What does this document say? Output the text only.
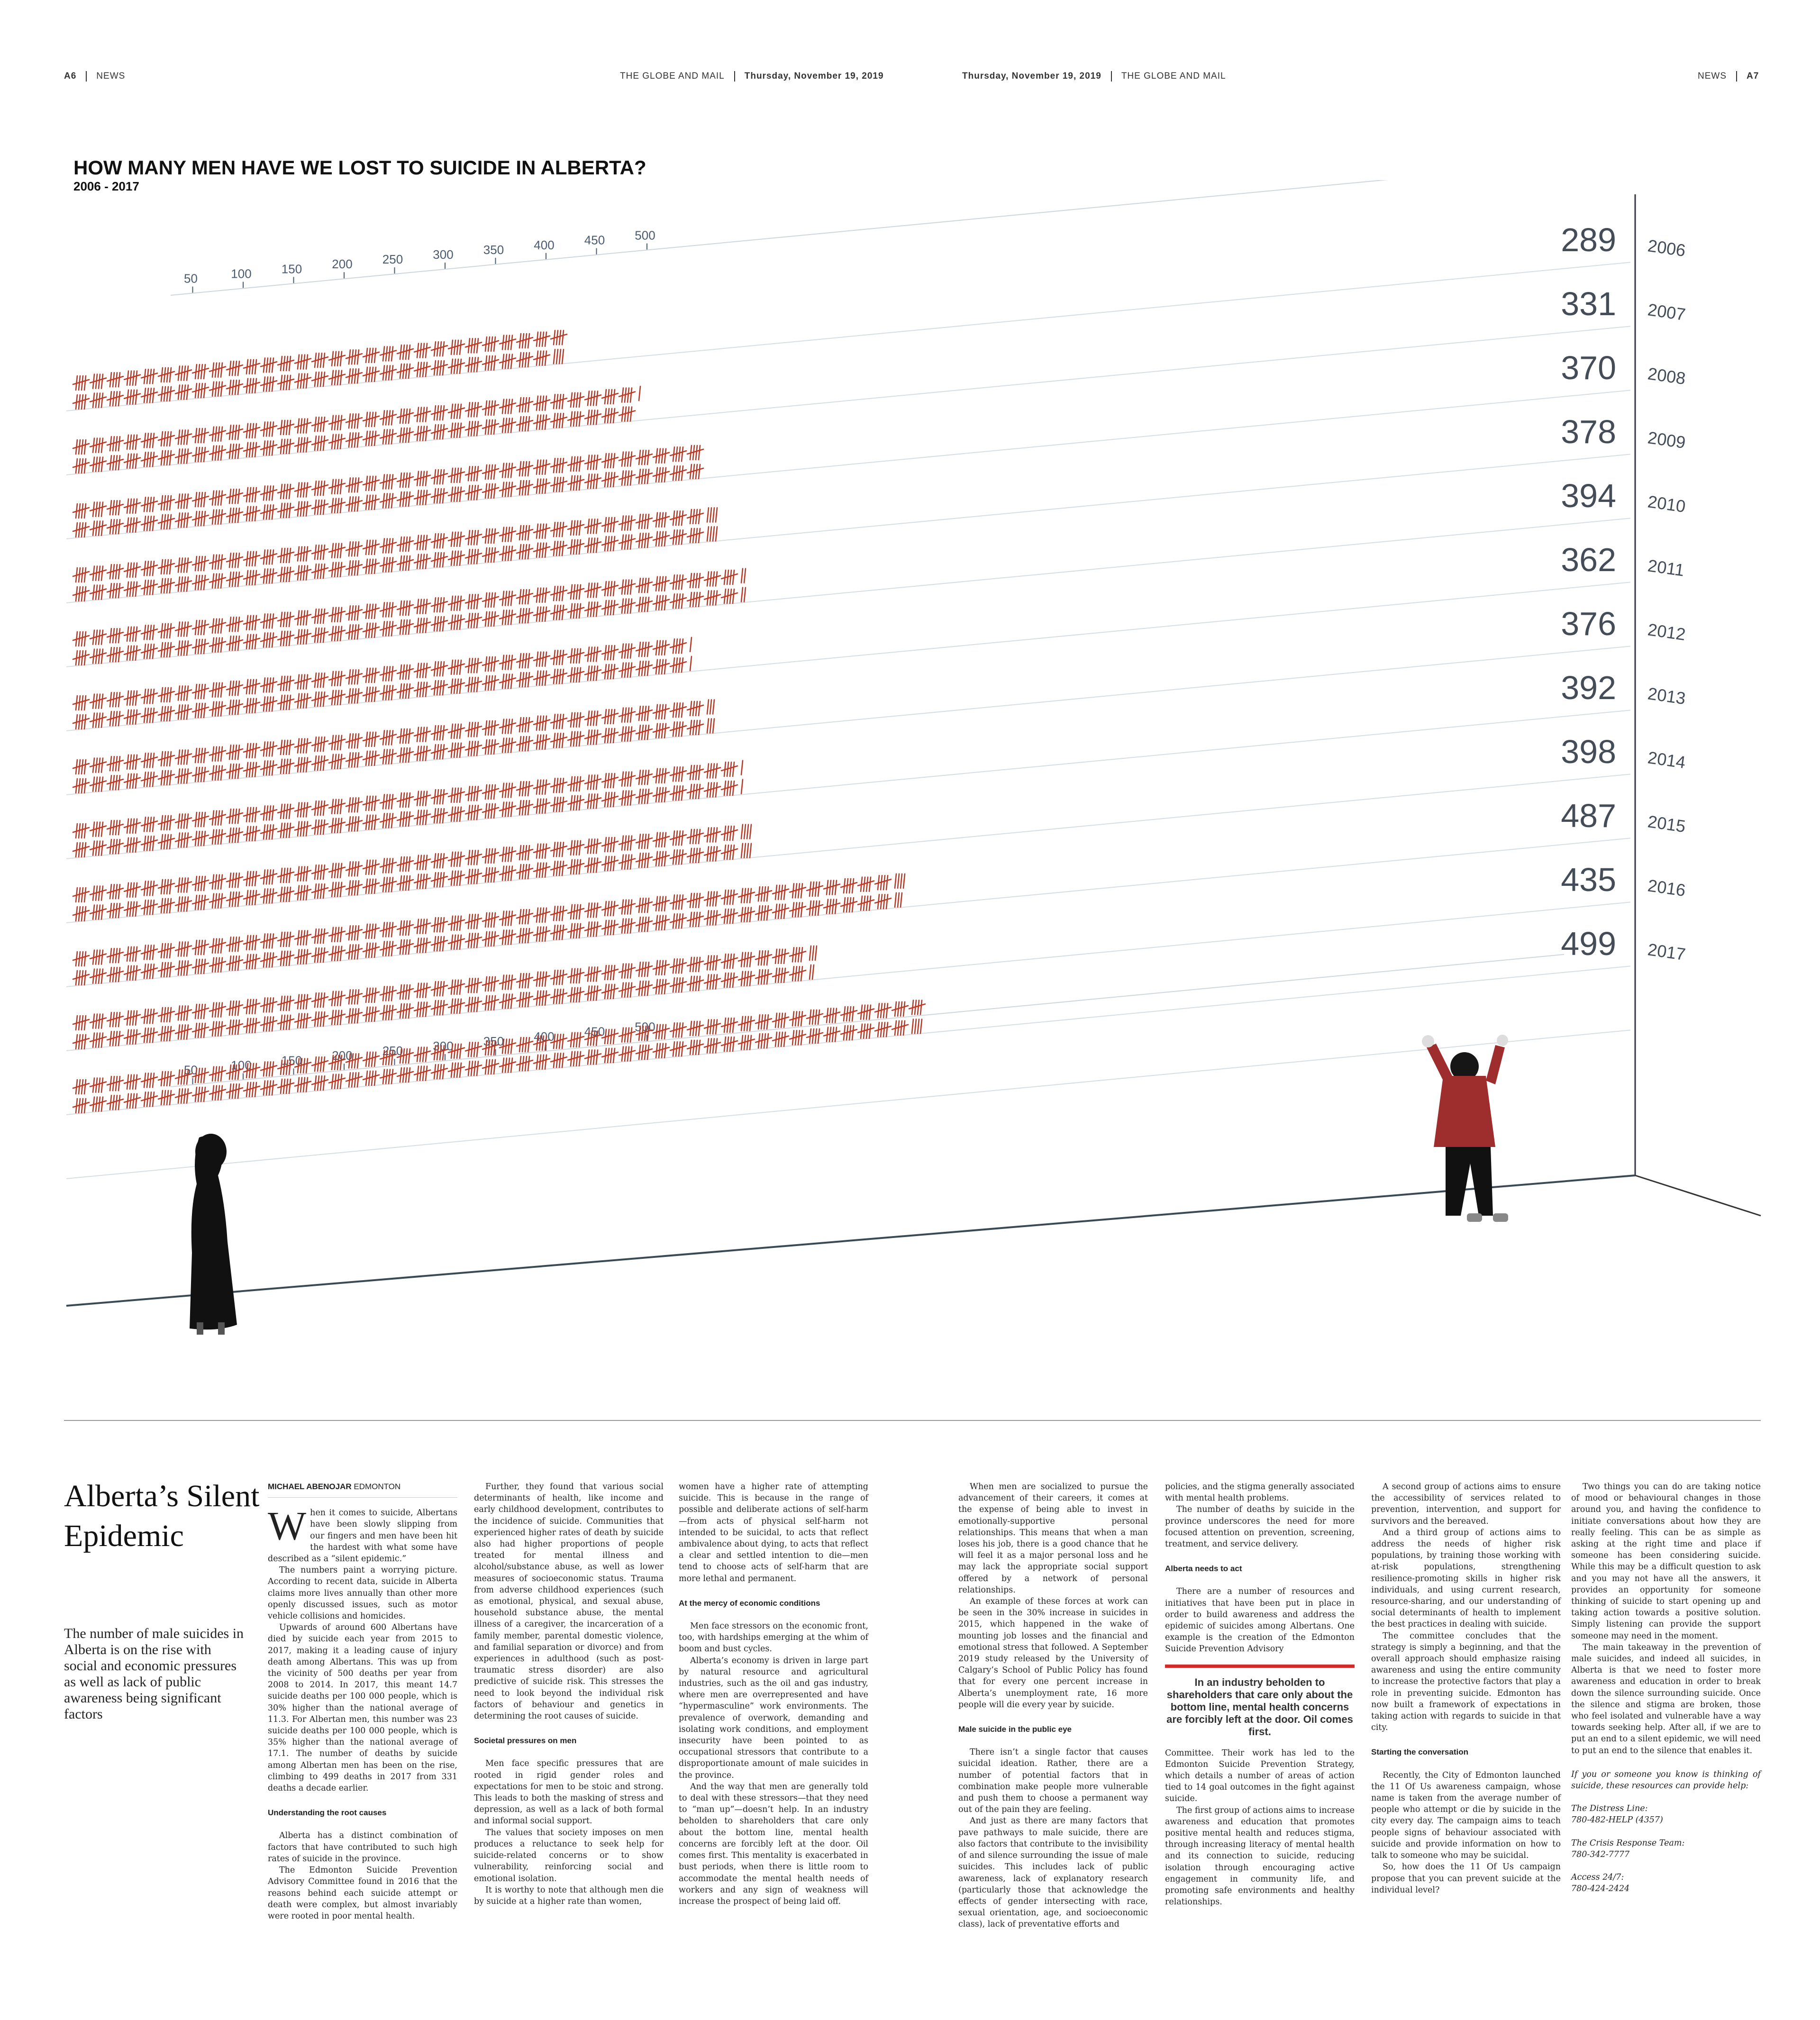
A6 NEWS	THE GLOBE AND MAIL Thursday, November 19, 2019	Thursday, November 19, 2019 THE GLOBE AND MAIL	NEWS A7
HOW MANY MEN HAVE WE LOST TO SUICIDE IN ALBERTA?
2006 - 2017
50	100 150 200 250 300 350 400 450 500
50	100 150 200 250 300 350 400 450 500
289 2006
331 2007
370 2008
378 2009
394 2010
362 2011
376 2012
392 2013
398 2014
487 2015
435 2016
499 2017
Alberta’s Silent Epidemic
The number of male suicides in Alberta is on the rise with social and economic pressures as well as lack of public awareness being significant factors
MICHAEL ABENOJAR EDMONTON

When it comes to suicide, Albertans have been slowly slipping from our fingers and men have been hit the hardest with what some have described as a “silent epidemic.”

The numbers paint a worrying picture. According to recent data, suicide in Alberta claims more lives annually than other more openly discussed issues, such as motor vehicle collisions and homicides.

Upwards of around 600 Albertans have died by suicide each year from 2015 to 2017, making it a leading cause of injury death among Albertans. This was up from the vicinity of 500 deaths per year from 2008 to 2014. In 2017, this meant 14.7 suicide deaths per 100 000 people, which is 30% higher than the national average of 11.3. For Albertan men, this number was 23 suicide deaths per 100 000 people, which is 35% higher than the national average of 17.1. The number of deaths by suicide among Albertan men has been on the rise, climbing to 499 deaths in 2017 from 331 deaths a decade earlier.

Understanding the root causes

Alberta has a distinct combination of factors that have contributed to such high rates of suicide in the province.

The Edmonton Suicide Prevention Advisory Committee found in 2016 that the reasons behind each suicide attempt or death were complex, but almost invariably were rooted in poor mental health.

Further, they found that various social determinants of health, like income and early childhood development, contributes to the incidence of suicide. Communities that experienced higher rates of death by suicide also had higher proportions of people treated for mental illness and alcohol/substance abuse, as well as lower measures of socioeconomic status. Trauma from adverse childhood experiences (such as emotional, physical, and sexual abuse, household substance abuse, the mental illness of a caregiver, the incarceration of a family member, parental domestic violence, and familial separation or divorce) and from experiences in adulthood (such as post-traumatic stress disorder) are also predictive of suicide risk. This stresses the need to look beyond the individual risk factors of behaviour and genetics in determining the root causes of suicide.

Societal pressures on men

Men face specific pressures that are rooted in rigid gender roles and expectations for men to be stoic and strong. This leads to both the masking of stress and depression, as well as a lack of both formal and informal social support.

The values that society imposes on men produces a reluctance to seek help for suicide-related concerns or to show vulnerability, reinforcing social and emotional isolation.

It is worthy to note that although men die by suicide at a higher rate than women,

women have a higher rate of attempting suicide. This is because in the range of possible and deliberate actions of self-harm—from acts of physical self-harm not intended to be suicidal, to acts that reflect ambivalence about dying, to acts that reflect a clear and settled intention to die—men tend to choose acts of self-harm that are more lethal and permanent.

At the mercy of economic conditions

Men face stressors on the economic front, too, with hardships emerging at the whim of boom and bust cycles.

Alberta’s economy is driven in large part by natural resource and agricultural industries, such as the oil and gas industry, where men are overrepresented and have “hypermasculine” work environments. The prevalence of overwork, demanding and isolating work conditions, and employment insecurity have been pointed to as occupational stressors that contribute to a disproportionate amount of male suicides in the province.

And the way that men are generally told to deal with these stressors—that they need to “man up”—doesn’t help. In an industry beholden to shareholders that care only about the bottom line, mental health concerns are forcibly left at the door. Oil comes first. This mentality is exacerbated in bust periods, when there is little room to accommodate the mental health needs of workers and any sign of weakness will increase the prospect of being laid off.

When men are socialized to pursue the advancement of their careers, it comes at the expense of being able to invest in emotionally-supportive personal relationships. This means that when a man loses his job, there is a good chance that he will feel it as a major personal loss and he may lack the appropriate social support offered by a network of personal relationships.

An example of these forces at work can be seen in the 30% increase in suicides in 2015, which happened in the wake of mounting job losses and the financial and emotional stress that followed. A September 2019 study released by the University of Calgary’s School of Public Policy has found that for every one percent increase in Alberta’s unemployment rate, 16 more people will die every year by suicide.

Male suicide in the public eye

There isn’t a single factor that causes suicidal ideation. Rather, there are a number of potential factors that in combination make people more vulnerable and push them to choose a permanent way out of the pain they are feeling.

And just as there are many factors that pave pathways to male suicide, there are also factors that contribute to the invisibility of and silence surrounding the issue of male suicides. This includes lack of public awareness, lack of explanatory research (particularly those that acknowledge the effects of gender intersecting with race, sexual orientation, age, and socioeconomic class), lack of preventative efforts and

policies, and the stigma generally associated with mental health problems.

The number of deaths by suicide in the province underscores the need for more focused attention on prevention, screening, treatment, and service delivery.

Alberta needs to act

There are a number of resources and initiatives that have been put in place in order to build awareness and address the epidemic of suicides among Albertans. One example is the creation of the Edmonton Suicide Prevention Advisory

In an industry beholden to shareholders that care only about the bottom line, mental health concerns are forcibly left at the door. Oil comes first.

Committee. Their work has led to the Edmonton Suicide Prevention Strategy, which details a number of areas of action tied to 14 goal outcomes in the fight against suicide.

The first group of actions aims to increase awareness and education that promotes positive mental health and reduces stigma, through increasing literacy of mental health and its connection to suicide, reducing isolation through encouraging active engagement in community life, and promoting safe environments and healthy relationships.

A second group of actions aims to ensure the accessibility of services related to prevention, intervention, and support for survivors and the bereaved.

And a third group of actions aims to address the needs of higher risk populations, by training those working with at-risk populations, strengthening resilience-promoting skills in higher risk individuals, and using current research, resource-sharing, and our understanding of social determinants of health to implement the best practices in dealing with suicide.

The committee concludes that the strategy is simply a beginning, and that the overall approach should emphasize raising awareness and using the entire community to increase the protective factors that play a role in preventing suicide. Edmonton has now built a framework of expectations in taking action with regards to suicide in that city.

Starting the conversation

Recently, the City of Edmonton launched the 11 Of Us awareness campaign, whose name is taken from the average number of people who attempt or die by suicide in the city every day. The campaign aims to teach people signs of behaviour associated with suicide and provide information on how to talk to someone who may be suicidal.

So, how does the 11 Of Us campaign propose that you can prevent suicide at the individual level?

Two things you can do are taking notice of mood or behavioural changes in those around you, and having the confidence to initiate conversations about how they are really feeling. This can be as simple as asking at the right time and place if someone has been considering suicide. While this may be a difficult question to ask and you may not have all the answers, it provides an opportunity for someone thinking of suicide to start opening up and taking action towards a positive solution. Simply listening can provide the support someone may need in the moment.

The main takeaway in the prevention of male suicides, and indeed all suicides, in Alberta is that we need to foster more awareness and education in order to break down the silence surrounding suicide. Once the silence and stigma are broken, those who feel isolated and vulnerable have a way towards seeking help. After all, if we are to put an end to a silent epidemic, we will need to put an end to the silence that enables it.

If you or someone you know is thinking of suicide, these resources can provide help:

The Distress Line:

780-482-HELP (4357)

The Crisis Response Team:

780-342-7777

Access 24/7:

780-424-2424
